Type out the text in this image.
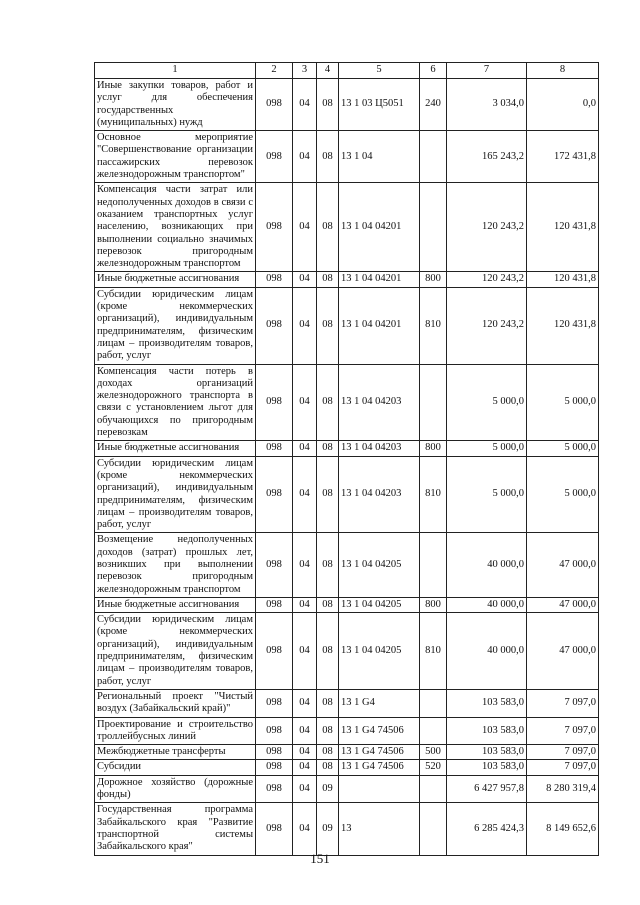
1	2	3	4	5	6	7	8
Иные закупки товаров, работ и услуг для обеспечения государственных (муниципальных) нужд	098	04	08	13 1 03 Ц5051	240	3 034,0	0,0
Основное мероприятие "Совершенствование организации пассажирских перевозок железнодорожным транспортом"	098	04	08	13 1 04		165 243,2	172 431,8
Компенсация части затрат или недополученных доходов в связи с оказанием транспортных услуг населению, возникающих при выполнении социально значимых перевозок пригородным железнодорожным транспортом	098	04	08	13 1 04 04201		120 243,2	120 431,8
Иные бюджетные ассигнования	098	04	08	13 1 04 04201	800	120 243,2	120 431,8
Субсидии юридическим лицам (кроме некоммерческих организаций), индивидуальным предпринимателям, физическим лицам – производителям товаров, работ, услуг	098	04	08	13 1 04 04201	810	120 243,2	120 431,8
Компенсация части потерь в доходах организаций железнодорожного транспорта в связи с установлением льгот для обучающихся по пригородным перевозкам	098	04	08	13 1 04 04203		5 000,0	5 000,0
Иные бюджетные ассигнования	098	04	08	13 1 04 04203	800	5 000,0	5 000,0
Субсидии юридическим лицам (кроме некоммерческих организаций), индивидуальным предпринимателям, физическим лицам – производителям товаров, работ, услуг	098	04	08	13 1 04 04203	810	5 000,0	5 000,0
Возмещение недополученных доходов (затрат) прошлых лет, возникших при выполнении перевозок пригородным железнодорожным транспортом	098	04	08	13 1 04 04205		40 000,0	47 000,0
Иные бюджетные ассигнования	098	04	08	13 1 04 04205	800	40 000,0	47 000,0
Субсидии юридическим лицам (кроме некоммерческих организаций), индивидуальным предпринимателям, физическим лицам – производителям товаров, работ, услуг	098	04	08	13 1 04 04205	810	40 000,0	47 000,0
Региональный проект "Чистый воздух (Забайкальский край)"	098	04	08	13 1 G4		103 583,0	7 097,0
Проектирование и строительство троллейбусных линий	098	04	08	13 1 G4 74506		103 583,0	7 097,0
Межбюджетные трансферты	098	04	08	13 1 G4 74506	500	103 583,0	7 097,0
Субсидии	098	04	08	13 1 G4 74506	520	103 583,0	7 097,0
Дорожное хозяйство (дорожные фонды)	098	04	09			6 427 957,8	8 280 319,4
Государственная программа Забайкальского края "Развитие транспортной системы Забайкальского края"	098	04	09	13		6 285 424,3	8 149 652,6
151
